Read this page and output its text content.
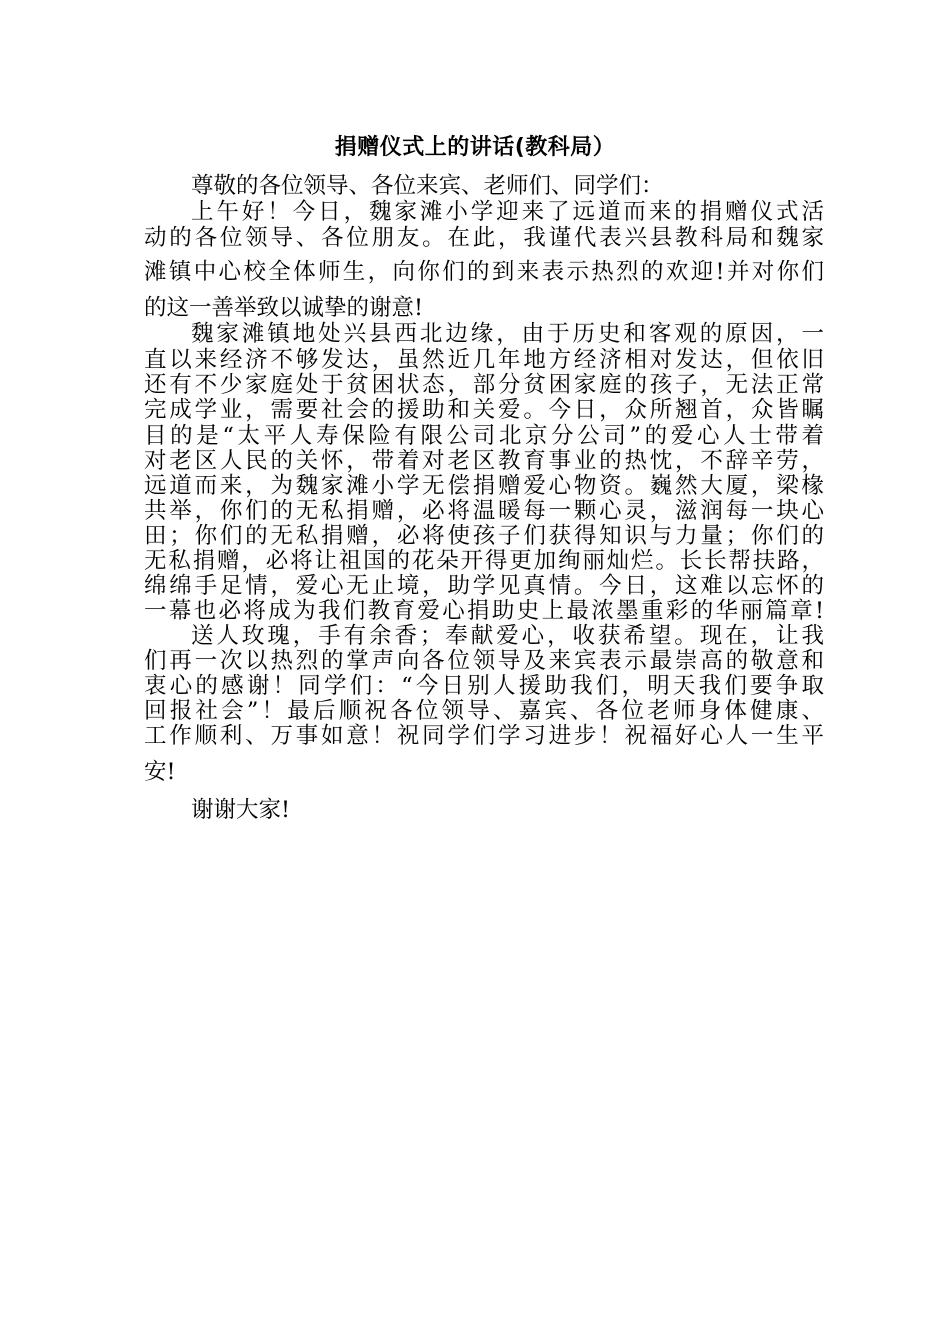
捐赠仪式上的讲话(教科局）
尊敬的各位领导、各位来宾、老师们、同学们：
上午好！今日，魏家滩小学迎来了远道而来的捐赠仪式活
动的各位领导、各位朋友。在此，我谨代表兴县教科局和魏家
滩镇中心校全体师生，向你们的到来表示热烈的欢迎!并对你们
的这一善举致以诚挚的谢意!
魏家滩镇地处兴县西北边缘，由于历史和客观的原因，一
直以来经济不够发达，虽然近几年地方经济相对发达，但依旧
还有不少家庭处于贫困状态，部分贫困家庭的孩子，无法正常
完成学业，需要社会的援助和关爱。今日，众所翘首，众皆瞩
目的是“太平人寿保险有限公司北京分公司”的爱心人士带着
对老区人民的关怀，带着对老区教育事业的热忱，不辞辛劳，
远道而来，为魏家滩小学无偿捐赠爱心物资。巍然大厦，梁椽
共举，你们的无私捐赠，必将温暖每一颗心灵，滋润每一块心
田；你们的无私捐赠，必将使孩子们获得知识与力量；你们的
无私捐赠，必将让祖国的花朵开得更加绚丽灿烂。长长帮扶路，
绵绵手足情，爱心无止境，助学见真情。今日，这难以忘怀的
一幕也必将成为我们教育爱心捐助史上最浓墨重彩的华丽篇章!
送人玫瑰，手有余香；奉献爱心，收获希望。现在，让我
们再一次以热烈的掌声向各位领导及来宾表示最崇高的敬意和
衷心的感谢！同学们：“今日别人援助我们，明天我们要争取
回报社会”！最后顺祝各位领导、嘉宾、各位老师身体健康、
工作顺利、万事如意！祝同学们学习进步！祝福好心人一生平
安!
谢谢大家!
